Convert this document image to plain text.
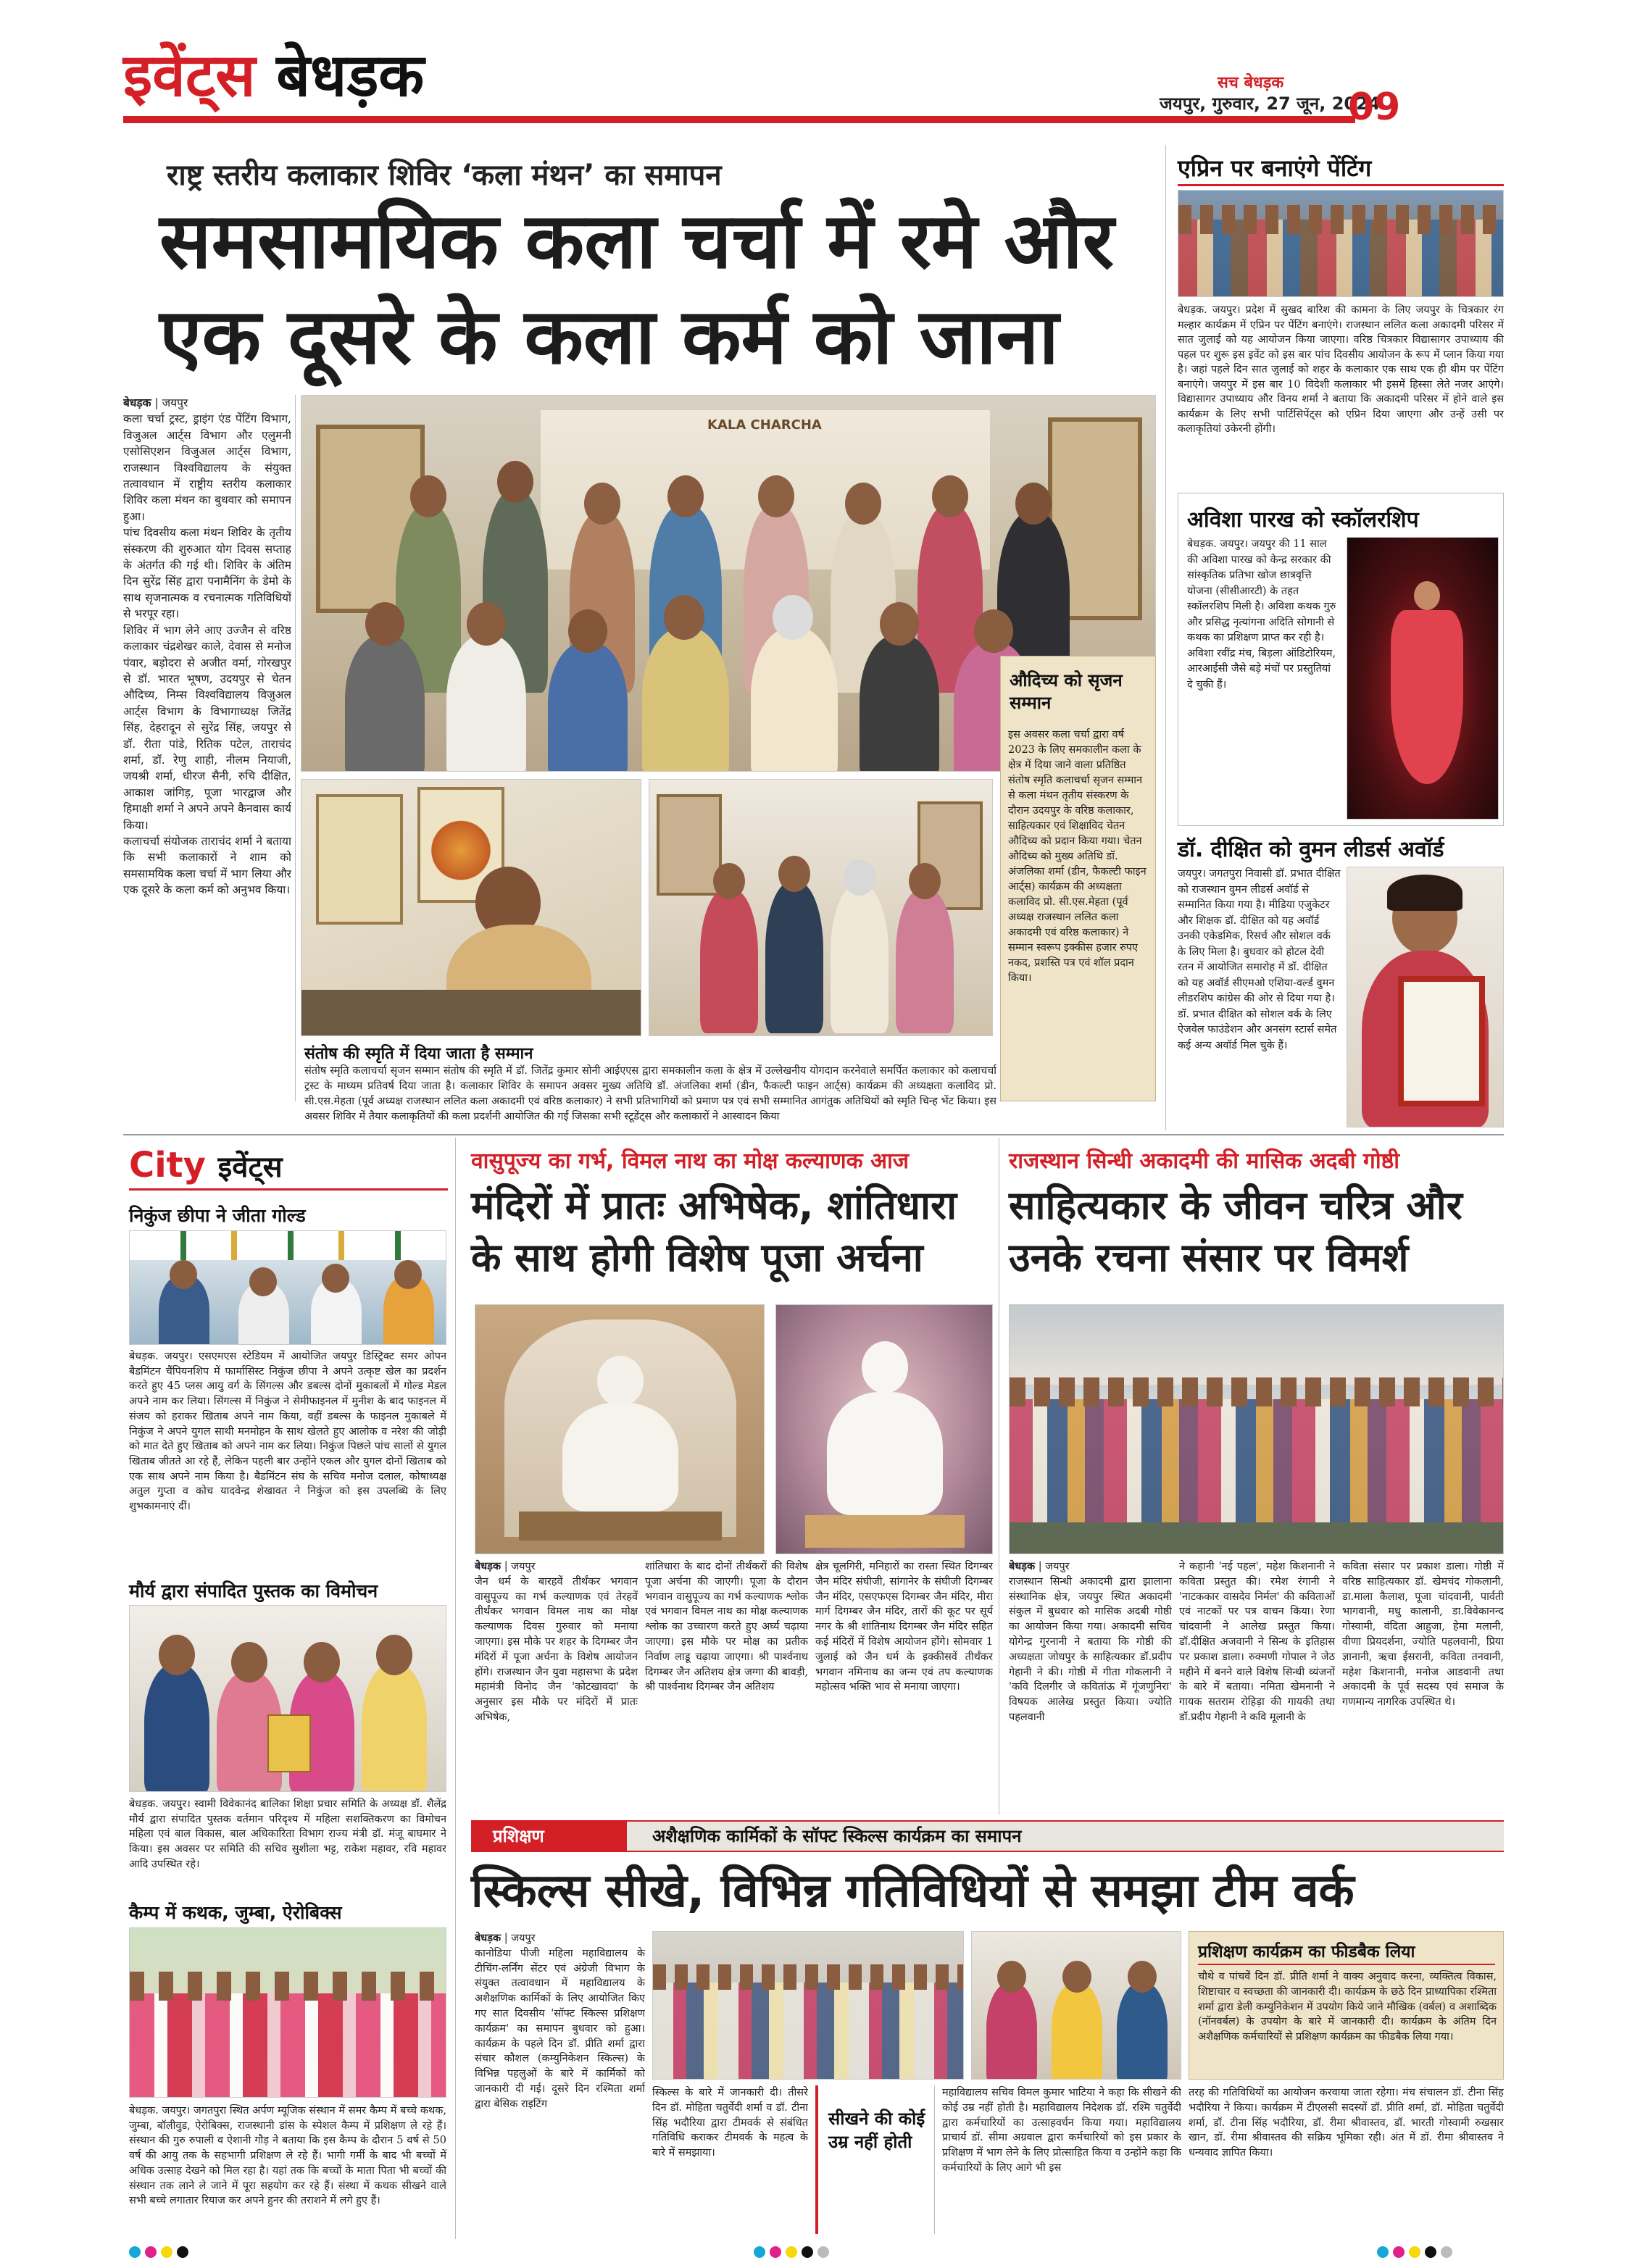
इवेंट्स बेधड़क	सच बेधड़क
जयपुर, गुरुवार, 27 जून, 2024
09
राष्ट्र स्तरीय कलाकार शिविर ‘कला मंथन’ का समापन
समसामयिक कला चर्चा में रमे और
एक दूसरे के कला कर्म को जाना
बेधड़क | जयपुर
कला चर्चा ट्रस्ट, ड्राइंग एंड पेंटिंग विभाग, विजुअल आर्ट्स विभाग और एलुमनी एसोसिएशन विजुअल आर्ट्स विभाग, राजस्थान विश्वविद्यालय के संयुक्त तत्वावधान में राष्ट्रीय स्तरीय कलाकार शिविर कला मंथन का बुधवार को समापन हुआ।
पांच दिवसीय कला मंथन शिविर के तृतीय संस्करण की शुरुआत योग दिवस सप्ताह के अंतर्गत की गई थी। शिविर के अंतिम दिन सुरेंद्र सिंह द्वारा पनामैनिंग के डेमो के साथ सृजनात्मक व रचनात्मक गतिविधियों से भरपूर रहा।
शिविर में भाग लेने आए उज्जैन से वरिष्ठ कलाकार चंद्रशेखर काले, देवास से मनोज पंवार, बड़ोदरा से अजीत वर्मा, गोरखपुर से डॉ. भारत भूषण, उदयपुर से चेतन औदिच्य, निम्स विश्वविद्यालय विजुअल आर्ट्स विभाग के विभागाध्यक्ष जितेंद्र सिंह, देहरादून से सुरेंद्र सिंह, जयपुर से डॉ. रीता पांडे, रितिक पटेल, ताराचंद शर्मा, डॉ. रेणु शाही, नीलम नियाजी, जयश्री शर्मा, धीरज सैनी, रुचि दीक्षित, आकाश जांगिड़, पूजा भारद्वाज और हिमाक्षी शर्मा ने अपने अपने कैनवास कार्य किया।
कलाचर्चा संयोजक ताराचंद शर्मा ने बताया कि सभी कलाकारों ने शाम को समसामयिक कला चर्चा में भाग लिया और एक दूसरे के कला कर्म को अनुभव किया।
KALA CHARCHA
औदिच्य को सृजन सम्मान
इस अवसर कला चर्चा द्वारा वर्ष 2023 के लिए समकालीन कला के क्षेत्र में दिया जाने वाला प्रतिष्ठित संतोष स्मृति कलाचर्चा सृजन सम्मान से कला मंथन तृतीय संस्करण के दौरान उदयपुर के वरिष्ठ कलाकार, साहित्यकार एवं शिक्षाविद चेतन औदिच्य को प्रदान किया गया। चेतन औदिच्य को मुख्य अतिथि डॉ. अंजलिका शर्मा (डीन, फैकल्टी फाइन आर्ट्स) कार्यक्रम की अध्यक्षता कलाविद प्रो. सी.एस.मेहता (पूर्व अध्यक्ष राजस्थान ललित कला अकादमी एवं वरिष्ठ कलाकार) ने सम्मान स्वरूप इक्कीस हजार रुपए नकद, प्रशस्ति पत्र एवं शॉल प्रदान किया।
संतोष की स्मृति में दिया जाता है सम्मान
संतोष स्मृति कलाचर्चा सृजन सम्मान संतोष की स्मृति में डॉ. जितेंद्र कुमार सोनी आईएएस द्वारा समकालीन कला के क्षेत्र में उल्लेखनीय योगदान करनेवाले समर्पित कलाकार को कलाचर्चा ट्रस्ट के माध्यम प्रतिवर्ष दिया जाता है। कलाकार शिविर के समापन अवसर मुख्य अतिथि डॉ. अंजलिका शर्मा (डीन, फैकल्टी फाइन आर्ट्स) कार्यक्रम की अध्यक्षता कलाविद प्रो. सी.एस.मेहता (पूर्व अध्यक्ष राजस्थान ललित कला अकादमी एवं वरिष्ठ कलाकार) ने सभी प्रतिभागियों को प्रमाण पत्र एवं सभी सम्मानित आगंतुक अतिथियों को स्मृति चिन्ह भेंट किया। इस अवसर शिविर में तैयार कलाकृतियों की कला प्रदर्शनी आयोजित की गई जिसका सभी स्टूडेंट्स और कलाकारों ने आस्वादन किया
एप्रिन पर बनाएंगे पेंटिंग
बेधड़क. जयपुर। प्रदेश में सुखद बारिश की कामना के लिए जयपुर के चित्रकार रंग मल्हार कार्यक्रम में एप्रिन पर पेंटिंग बनाएंगे। राजस्थान ललित कला अकादमी परिसर में सात जुलाई को यह आयोजन किया जाएगा। वरिष्ठ चित्रकार विद्यासागर उपाध्याय की पहल पर शुरू इस इवेंट को इस बार पांच दिवसीय आयोजन के रूप में प्लान किया गया है। जहां पहले दिन सात जुलाई को शहर के कलाकार एक साथ एक ही थीम पर पेंटिंग बनाएंगे। जयपुर में इस बार 10 विदेशी कलाकार भी इसमें हिस्सा लेते नजर आएंगे। विद्यासागर उपाध्याय और विनय शर्मा ने बताया कि अकादमी परिसर में होने वाले इस कार्यक्रम के लिए सभी पार्टिसिपेंट्स को एप्रिन दिया जाएगा और उन्हें उसी पर कलाकृतियां उकेरनी होंगी।
अविशा पारख को स्कॉलरशिप
बेधड़क. जयपुर। जयपुर की 11 साल की अविशा पारख को केन्द्र सरकार की सांस्कृतिक प्रतिभा खोज छात्रवृत्ति योजना (सीसीआरटी) के तहत स्कॉलरशिप मिली है। अविशा कथक गुरु और प्रसिद्ध नृत्यांगना अदिति सोगानी से कथक का प्रशिक्षण प्राप्त कर रही है। अविशा रवींद्र मंच, बिड़ला ऑडिटोरियम, आरआईसी जैसे बड़े मंचों पर प्रस्तुतियां दे चुकी हैं।
डॉ. दीक्षित को वुमन लीडर्स अवॉर्ड
जयपुर। जगतपुरा निवासी डॉ. प्रभात दीक्षित को राजस्थान वुमन लीडर्स अवॉर्ड से सम्मानित किया गया है। मीडिया एजुकेटर और शिक्षक डॉ. दीक्षित को यह अवॉर्ड उनकी एकेडमिक, रिसर्च और सोशल वर्क के लिए मिला है। बुधवार को होटल देवी रतन में आयोजित समारोह में डॉ. दीक्षित को यह अवॉर्ड सीएमओ एशिया-वर्ल्ड वुमन लीडरशिप कांग्रेस की ओर से दिया गया है। डॉ. प्रभात दीक्षित को सोशल वर्क के लिए ऐजवेल फाउंडेशन और अनसंग स्टार्स समेत कई अन्य अवॉर्ड मिल चुके हैं।
City इवेंट्स
निकुंज छीपा ने जीता गोल्ड
बेधड़क. जयपुर। एसएमएस स्टेडियम में आयोजित जयपुर डिस्ट्रिक्ट समर ओपन बैडमिंटन चैंपियनशिप में फार्मासिस्ट निकुंज छीपा ने अपने उत्कृष्ट खेल का प्रदर्शन करते हुए 45 प्लस आयु वर्ग के सिंगल्स और डबल्स दोनों मुकाबलों में गोल्ड मेडल अपने नाम कर लिया। सिंगल्स में निकुंज ने सेमीफाइनल में मुनीश के बाद फाइनल में संजय को हराकर खिताब अपने नाम किया, वहीं डबल्स के फाइनल मुकाबले में निकुंज ने अपने युगल साथी मनमोहन के साथ खेलते हुए आलोक व नरेश की जोड़ी को मात देते हुए खिताब को अपने नाम कर लिया। निकुंज पिछले पांच सालों से युगल खिताब जीतते आ रहे हैं, लेकिन पहली बार उन्होंने एकल और युगल दोनों खिताब को एक साथ अपने नाम किया है। बैडमिंटन संघ के सचिव मनोज दलाल, कोषाध्यक्ष अतुल गुप्ता व कोच यादवेन्द्र शेखावत ने निकुंज को इस उपलब्धि के लिए शुभकामनाएं दीं।
मौर्य द्वारा संपादित पुस्तक का विमोचन
बेधड़क. जयपुर। स्वामी विवेकानंद बालिका शिक्षा प्रचार समिति के अध्यक्ष डॉ. शैलेंद्र मौर्य द्वारा संपादित पुस्तक वर्तमान परिदृश्य में महिला सशक्तिकरण का विमोचन महिला एवं बाल विकास, बाल अधिकारिता विभाग राज्य मंत्री डॉ. मंजू बाघमार ने किया। इस अवसर पर समिति की सचिव सुशीला भट्ट, राकेश महावर, रवि महावर आदि उपस्थित रहे।
कैम्प में कथक, जुम्बा, ऐरोबिक्स
बेधड़क. जयपुर। जगतपुरा स्थित अर्पण म्यूजिक संस्थान में समर कैम्प में बच्चे कथक, जुम्बा, बॉलीवुड, ऐरोबिक्स, राजस्थानी डांस के स्पेशल कैम्प में प्रशिक्षण ले रहे हैं। संस्थान की गुरु रुपाली व ऐशानी गौड़ ने बताया कि इस कैम्प के दौरान 5 वर्ष से 50 वर्ष की आयु तक के सहभागी प्रशिक्षण ले रहे हैं। भागी गर्मी के बाद भी बच्चों में अधिक उत्साह देखने को मिल रहा है। यहां तक कि बच्चों के माता पिता भी बच्चों की संस्थान तक लाने ले जाने में पूरा सहयोग कर रहे हैं। संस्था में कथक सीखने वाले सभी बच्चे लगातार रियाज कर अपने हुनर की तराशने में लगे हुए हैं।
वासुपूज्य का गर्भ, विमल नाथ का मोक्ष कल्याणक आज
मंदिरों में प्रातः अभिषेक, शांतिधारा
के साथ होगी विशेष पूजा अर्चना
बेधड़क | जयपुर
जैन धर्म के बारहवें तीर्थंकर भगवान वासुपूज्य का गर्भ कल्याणक एवं तेरहवें तीर्थंकर भगवान विमल नाथ का मोक्ष कल्याणक दिवस गुरुवार को मनाया जाएगा। इस मौके पर शहर के दिगम्बर जैन मंदिरों में पूजा अर्चना के विशेष आयोजन होंगे। राजस्थान जैन युवा महासभा के प्रदेश महामंत्री विनोद जैन 'कोटखावदा' के अनुसार इस मौके पर मंदिरों में प्रातः अभिषेक,
शांतिधारा के बाद दोनों तीर्थंकरों की विशेष पूजा अर्चना की जाएगी। पूजा के दौरान भगवान वासुपूज्य का गर्भ कल्याणक श्लोक एवं भगवान विमल नाथ का मोक्ष कल्याणक श्लोक का उच्चारण करते हुए अर्घ्य चढ़ाया जाएगा। इस मौके पर मोक्ष का प्रतीक निर्वाण लाडू चढ़ाया जाएगा। श्री पार्श्वनाथ दिगम्बर जैन अतिशय क्षेत्र जग्गा की बावड़ी, श्री पार्श्वनाथ दिगम्बर जैन अतिशय
क्षेत्र चूलगिरी, मनिहारों का रास्ता स्थित दिगम्बर जैन मंदिर संघीजी, सांगानेर के संघीजी दिगम्बर जैन मंदिर, एसएफएस दिगम्बर जैन मंदिर, मीरा मार्ग दिगम्बर जैन मंदिर, तारों की कूट पर सूर्य नगर के श्री शांतिनाथ दिगम्बर जैन मंदिर सहित कई मंदिरों में विशेष आयोजन होंगे। सोमवार 1 जुलाई को जैन धर्म के इक्कीसवें तीर्थंकर भगवान नमिनाथ का जन्म एवं तप कल्याणक महोत्सव भक्ति भाव से मनाया जाएगा।
राजस्थान सिन्धी अकादमी की मासिक अदबी गोष्ठी
साहित्यकार के जीवन चरित्र और
उनके रचना संसार पर विमर्श
बेधड़क | जयपुर
राजस्थान सिन्धी अकादमी द्वारा झालाना संस्थानिक क्षेत्र, जयपुर स्थित अकादमी संकुल में बुधवार को मासिक अदबी गोष्ठी का आयोजन किया गया। अकादमी सचिव योगेन्द्र गुरनानी ने बताया कि गोष्ठी की अध्यक्षता जोधपुर के साहित्यकार डॉ.प्रदीप गेहानी ने की। गोष्ठी में गीता गोकलानी ने 'कवि दिलगीर जे कवितांऊ में गूंजणुनिरा' विषयक आलेख प्रस्तुत किया। ज्योति पहलवानी
ने कहानी 'नई पहल', महेश किशनानी ने कविता प्रस्तुत की। रमेश रंगानी ने 'नाटककार वासदेव निर्मल' की कविताओं एवं नाटकों पर पत्र वाचन किया। रेणा चांदवानी ने आलेख प्रस्तुत किया। डॉ.दीक्षित अजवानी ने सिन्ध के इतिहास पर प्रकाश डाला। रुक्मणी गोपाल ने जेठ महीने में बनने वाले विशेष सिन्धी व्यंजनों के बारे में बताया। नमिता खेमनानी ने गायक सतराम रोहिड़ा की गायकी तथा डॉ.प्रदीप गेहानी ने कवि मूलानी के
कविता संसार पर प्रकाश डाला। गोष्ठी में वरिष्ठ साहित्यकार डॉ. खेमचंद गोकलानी, डा.माला कैलाश, पूजा चांदवानी, पार्वती भागवानी, मधु कालानी, डा.विवेकानन्द गोस्वामी, वंदिता आहुजा, हेमा मलानी, वीणा प्रियदर्शना, ज्योति पहलवानी, प्रिया ज्ञानानी, ऋचा ईसरानी, कविता तनवानी, महेश किशनानी, मनोज आडवानी तथा अकादमी के पूर्व सदस्य एवं समाज के गणमान्य नागरिक उपस्थित थे।
प्रशिक्षण	अशैक्षणिक कार्मिकों के सॉफ्ट स्किल्स कार्यक्रम का समापन
स्किल्स सीखे, विभिन्न गतिविधियों से समझा टीम वर्क
बेधड़क | जयपुर
कानोडिया पीजी महिला महाविद्यालय के टीचिंग-लर्निंग सेंटर एवं अंग्रेजी विभाग के संयुक्त तत्वावधान में महाविद्यालय के अशैक्षणिक कार्मिकों के लिए आयोजित किए गए सात दिवसीय 'सॉफ्ट स्किल्स प्रशिक्षण कार्यक्रम' का समापन बुधवार को हुआ। कार्यक्रम के पहले दिन डॉ. प्रीति शर्मा द्वारा संचार कौशल (कम्युनिकेशन स्किल्स) के विभिन्न पहलुओं के बारे में कार्मिकों को जानकारी दी गई। दूसरे दिन रश्मिता शर्मा द्वारा बेसिक राइटिंग
स्किल्स के बारे में जानकारी दी। तीसरे दिन डॉ. मोहिता चतुर्वेदी शर्मा व डॉ. टीना सिंह भदौरिया द्वारा टीमवर्क से संबंधित गतिविधि कराकर टीमवर्क के महत्व के बारे में समझाया।
सीखने की कोई उम्र नहीं होती
महाविद्यालय सचिव विमल कुमार भाटिया ने कहा कि सीखने की कोई उम्र नहीं होती है। महाविद्यालय निदेशक डॉ. रश्मि चतुर्वेदी द्वारा कर्मचारियों का उत्साहवर्धन किया गया। महाविद्यालय प्राचार्य डॉ. सीमा अग्रवाल द्वारा कर्मचारियों को इस प्रकार के प्रशिक्षण में भाग लेने के लिए प्रोत्साहित किया व उन्होंने कहा कि कर्मचारियों के लिए आगे भी इस
प्रशिक्षण कार्यक्रम का फीडबैक लिया
चौथे व पांचवें दिन डॉ. प्रीति शर्मा ने वाक्य अनुवाद करना, व्यक्तित्व विकास, शिष्टाचार व स्वच्छता की जानकारी दी। कार्यक्रम के छठे दिन प्राध्यापिका रश्मिता शर्मा द्वारा डेली कम्युनिकेशन में उपयोग किये जाने मौखिक (वर्बल) व अशाब्दिक (नॉनवर्बल) के उपयोग के बारे में जानकारी दी। कार्यक्रम के अंतिम दिन अशैक्षणिक कर्मचारियों से प्रशिक्षण कार्यक्रम का फीडबैक लिया गया।
तरह की गतिविधियों का आयोजन करवाया जाता रहेगा। मंच संचालन डॉ. टीना सिंह भदौरिया ने किया। कार्यक्रम में टीएलसी सदस्यों डॉ. प्रीति शर्मा, डॉ. मोहिता चतुर्वेदी शर्मा, डॉ. टीना सिंह भदौरिया, डॉ. रीमा श्रीवास्तव, डॉ. भारती गोस्वामी रुखसार खान, डॉ. रीमा श्रीवास्तव की सक्रिय भूमिका रही। अंत में डॉ. रीमा श्रीवास्तव ने धन्यवाद ज्ञापित किया।
